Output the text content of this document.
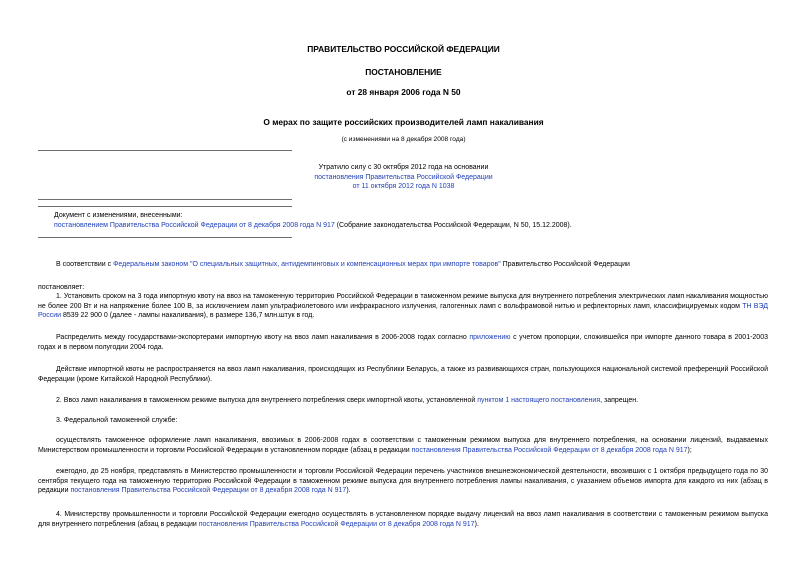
ПРАВИТЕЛЬСТВО РОССИЙСКОЙ ФЕДЕРАЦИИ
ПОСТАНОВЛЕНИЕ
от 28 января 2006 года N 50
О мерах по защите российских производителей ламп накаливания
(с изменениями на 8 декабря 2008 года)
Утратило силу с 30 октября 2012 года на основании
постановления Правительства Российской Федерации
от 11 октября 2012 года N 1038
Документ с изменениями, внесенными:
постановлением Правительства Российской Федерации от 8 декабря 2008 года N 917 (Собрание законодательства Российской Федерации, N 50, 15.12.2008).
В соответствии с Федеральным законом "О специальных защитных, антидемпинговых и компенсационных мерах при импорте товаров" Правительство Российской Федерации
постановляет:
1. Установить сроком на 3 года импортную квоту на ввоз на таможенную территорию Российской Федерации в таможенном режиме выпуска для внутреннего потребления электрических ламп накаливания мощностью не более 200 Вт и на напряжение более 100 В, за исключением ламп ультрафиолетового или инфракрасного излучения, галогенных ламп с вольфрамовой нитью и рефлекторных ламп, классифицируемых кодом ТН ВЭД России 8539 22 900 0 (далее - лампы накаливания), в размере 136,7 млн.штук в год.
Распределить между государствами-экспортерами импортную квоту на ввоз ламп накаливания в 2006-2008 годах согласно приложению с учетом пропорции, сложившейся при импорте данного товара в 2001-2003 годах и в первом полугодии 2004 года.
Действие импортной квоты не распространяется на ввоз ламп накаливания, происходящих из Республики Беларусь, а также из развивающихся стран, пользующихся национальной системой преференций Российской Федерации (кроме Китайской Народной Республики).
2. Ввоз ламп накаливания в таможенном режиме выпуска для внутреннего потребления сверх импортной квоты, установленной пунктом 1 настоящего постановления, запрещен.
3. Федеральной таможенной службе:
осуществлять таможенное оформление ламп накаливания, ввозимых в 2006-2008 годах в соответствии с таможенным режимом выпуска для внутреннего потребления, на основании лицензий, выдаваемых Министерством промышленности и торговли Российской Федерации в установленном порядке (абзац в редакции постановления Правительства Российской Федерации от 8 декабря 2008 года N 917);
ежегодно, до 25 ноября, представлять в Министерство промышленности и торговли Российской Федерации перечень участников внешнеэкономической деятельности, ввозивших с 1 октября предыдущего года по 30 сентября текущего года на таможенную территорию Российской Федерации в таможенном режиме выпуска для внутреннего потребления лампы накаливания, с указанием объемов импорта для каждого из них (абзац в редакции постановления Правительства Российской Федерации от 8 декабря 2008 года N 917).
4. Министерству промышленности и торговли Российской Федерации ежегодно осуществлять в установленном порядке выдачу лицензий на ввоз ламп накаливания в соответствии с таможенным режимом выпуска для внутреннего потребления (абзац в редакции постановления Правительства Российской Федерации от 8 декабря 2008 года N 917).
